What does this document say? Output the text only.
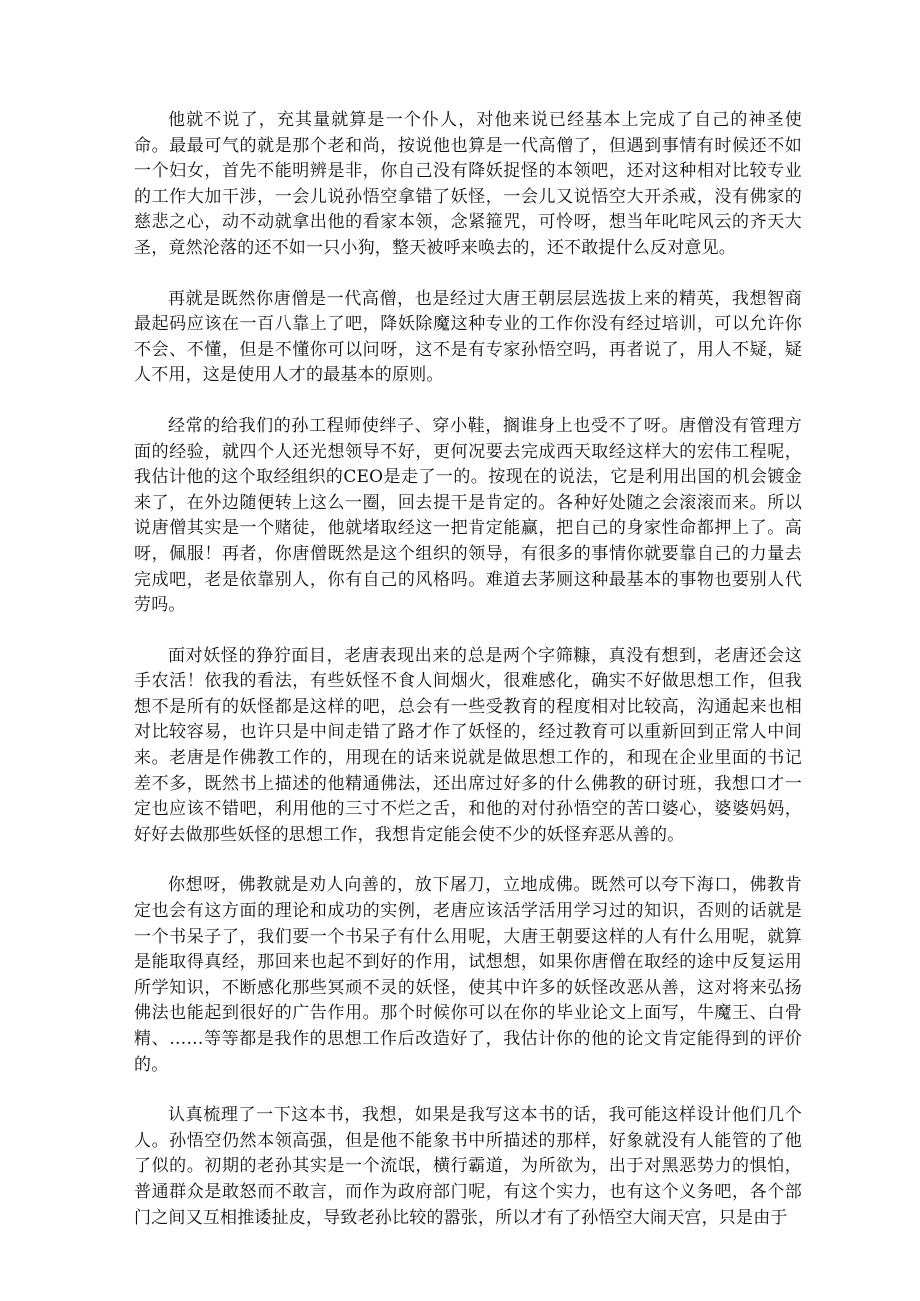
他就不说了，充其量就算是一个仆人，对他来说已经基本上完成了自己的神圣使命。最最可气的就是那个老和尚，按说他也算是一代高僧了，但遇到事情有时候还不如一个妇女，首先不能明辨是非，你自己没有降妖捉怪的本领吧，还对这种相对比较专业的工作大加干涉，一会儿说孙悟空拿错了妖怪，一会儿又说悟空大开杀戒，没有佛家的慈悲之心，动不动就拿出他的看家本领，念紧箍咒，可怜呀，想当年叱咤风云的齐天大圣，竟然沦落的还不如一只小狗，整天被呼来唤去的，还不敢提什么反对意见。

再就是既然你唐僧是一代高僧，也是经过大唐王朝层层选拔上来的精英，我想智商最起码应该在一百八靠上了吧，降妖除魔这种专业的工作你没有经过培训，可以允许你不会、不懂，但是不懂你可以问呀，这不是有专家孙悟空吗，再者说了，用人不疑，疑人不用，这是使用人才的最基本的原则。

经常的给我们的孙工程师使绊子、穿小鞋，搁谁身上也受不了呀。唐僧没有管理方面的经验，就四个人还光想领导不好，更何况要去完成西天取经这样大的宏伟工程呢，我估计他的这个取经组织的CEO是走了一的。按现在的说法，它是利用出国的机会镀金来了，在外边随便转上这么一圈，回去提干是肯定的。各种好处随之会滚滚而来。所以说唐僧其实是一个赌徒，他就堵取经这一把肯定能赢，把自己的身家性命都押上了。高呀，佩服！再者，你唐僧既然是这个组织的领导，有很多的事情你就要靠自己的力量去完成吧，老是依靠别人，你有自己的风格吗。难道去茅厕这种最基本的事物也要别人代劳吗。

面对妖怪的狰狞面目，老唐表现出来的总是两个字筛糠，真没有想到，老唐还会这手农活！依我的看法，有些妖怪不食人间烟火，很难感化，确实不好做思想工作，但我想不是所有的妖怪都是这样的吧，总会有一些受教育的程度相对比较高，沟通起来也相对比较容易，也许只是中间走错了路才作了妖怪的，经过教育可以重新回到正常人中间来。老唐是作佛教工作的，用现在的话来说就是做思想工作的，和现在企业里面的书记差不多，既然书上描述的他精通佛法，还出席过好多的什么佛教的研讨班，我想口才一定也应该不错吧，利用他的三寸不烂之舌，和他的对付孙悟空的苦口婆心，婆婆妈妈，好好去做那些妖怪的思想工作，我想肯定能会使不少的妖怪弃恶从善的。

你想呀，佛教就是劝人向善的，放下屠刀，立地成佛。既然可以夸下海口，佛教肯定也会有这方面的理论和成功的实例，老唐应该活学活用学习过的知识，否则的话就是一个书呆子了，我们要一个书呆子有什么用呢，大唐王朝要这样的人有什么用呢，就算是能取得真经，那回来也起不到好的作用，试想想，如果你唐僧在取经的途中反复运用所学知识，不断感化那些冥顽不灵的妖怪，使其中许多的妖怪改恶从善，这对将来弘扬佛法也能起到很好的广告作用。那个时候你可以在你的毕业论文上面写，牛魔王、白骨精、……等等都是我作的思想工作后改造好了，我估计你的他的论文肯定能得到的评价的。

认真梳理了一下这本书，我想，如果是我写这本书的话，我可能这样设计他们几个人。孙悟空仍然本领高强，但是他不能象书中所描述的那样，好象就没有人能管的了他了似的。初期的老孙其实是一个流氓，横行霸道，为所欲为，出于对黑恶势力的惧怕，普通群众是敢怒而不敢言，而作为政府部门呢，有这个实力，也有这个义务吧，各个部门之间又互相推诿扯皮，导致老孙比较的嚣张，所以才有了孙悟空大闹天宫，只是由于
